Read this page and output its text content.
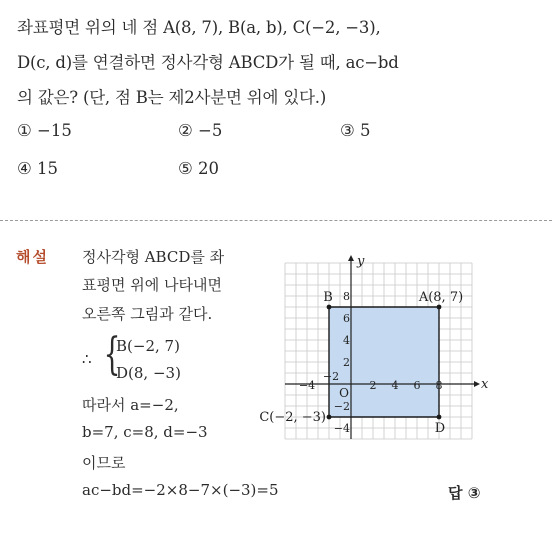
좌표평면 위의 네 점 A(8, 7), B(a, b), C(−2, −3),
D(c, d)를 연결하면 정사각형 ABCD가 될 때, ac−bd
의 값은? (단, 점 B는 제2사분면 위에 있다.)
① −15	② −5	③ 5
④ 15	⑤ 20
해설 정사각형 ABCD를 좌
표평면 위에 나타내면
오른쪽 그림과 같다.
∴ {
B(−2, 7)
D(8, −3)
따라서 a=−2,
b=7, c=8, d=−3
이므로
ac−bd=−2×8−7×(−3)=5	답 ③
x
y
O
−4
−2
2 4 6 8
8
6
4
2
−2
−4
B	A(8, 7)
C(−2, −3)
D
